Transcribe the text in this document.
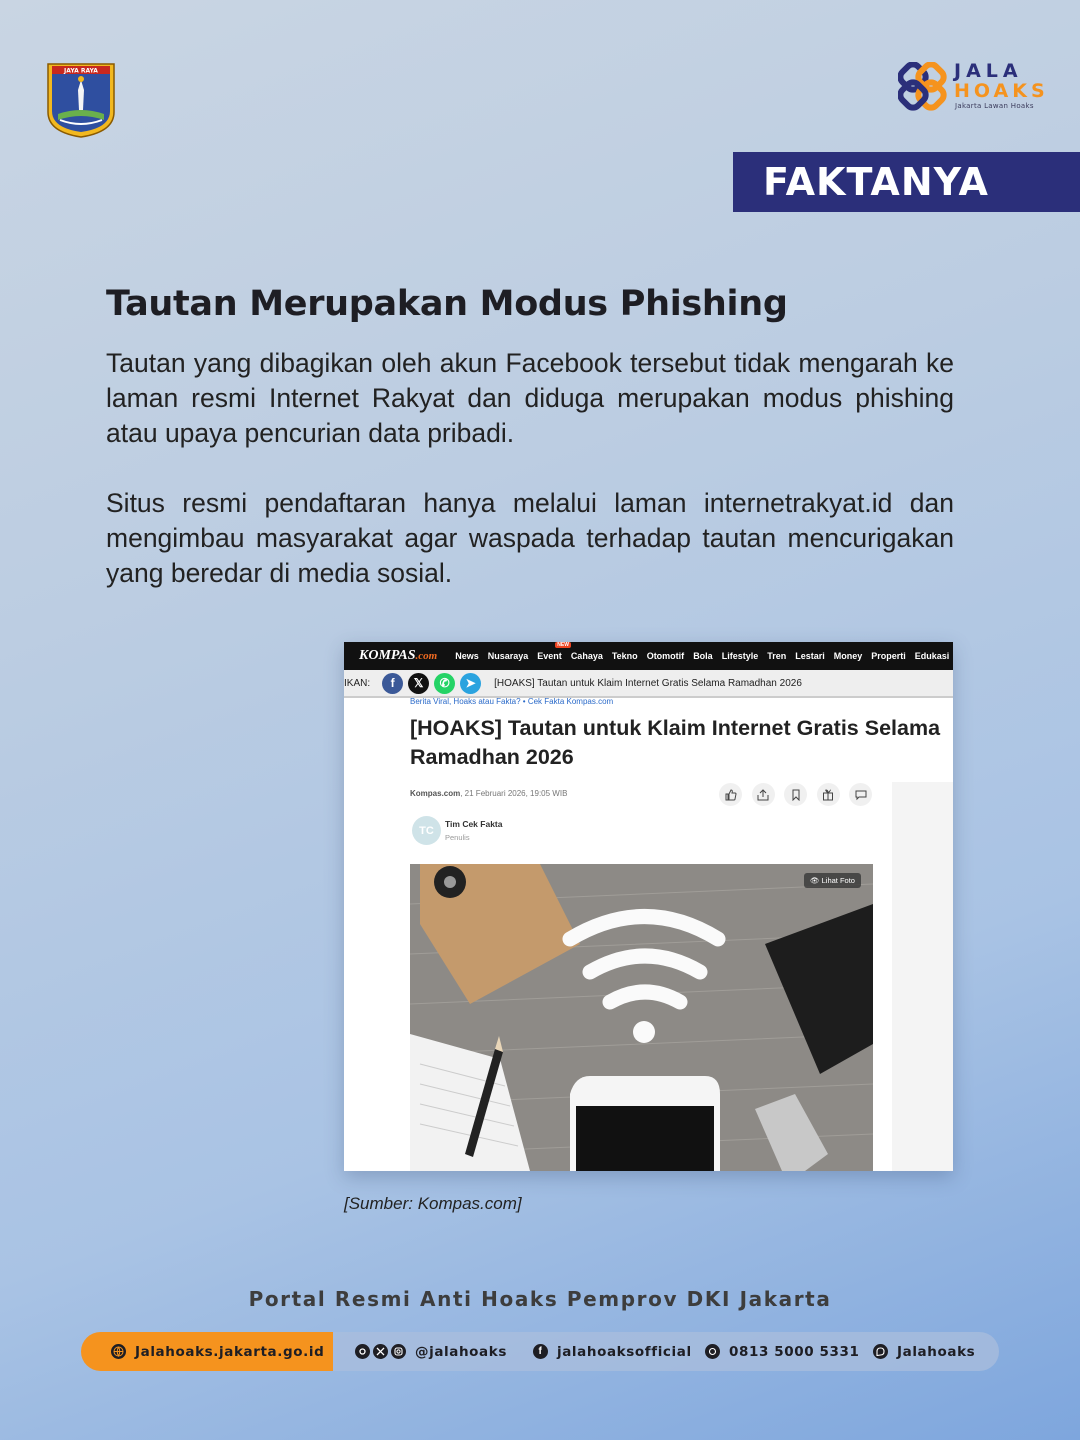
JAYA RAYA	JALA
HOAKS
Jakarta Lawan Hoaks
FAKTANYA
Tautan Merupakan Modus Phishing

Tautan yang dibagikan oleh akun Facebook tersebut tidak mengarah ke laman resmi Internet Rakyat dan diduga merupakan modus phishing atau upaya pencurian data pribadi.

Situs resmi pendaftaran hanya melalui laman internetrakyat.id dan mengimbau masyarakat agar waspada terhadap tautan mencurigakan yang beredar di media sosial.

KOMPAS.com News Nusaraya Event
NEW
Cahaya Tekno Otomotif Bola Lifestyle Tren Lestari Money Properti Edukasi
IKAN:	f	𝕏	✆	➤	[HOAKS] Tautan untuk Klaim Internet Gratis Selama Ramadhan 2026
Berita Viral, Hoaks atau Fakta? • Cek Fakta Kompas.com
[HOAKS] Tautan untuk Klaim Internet Gratis Selama Ramadhan 2026
Kompas.com, 21 Februari 2026, 19:05 WIB
TC
Tim Cek Fakta
Penulis
👁 Lihat Foto
[Sumber: Kompas.com]
Portal Resmi Anti Hoaks Pemprov DKI Jakarta
Jalahoaks.jakarta.go.id	@jalahoaks	f	jalahoaksofficial	0813 5000 5331	Jalahoaks
